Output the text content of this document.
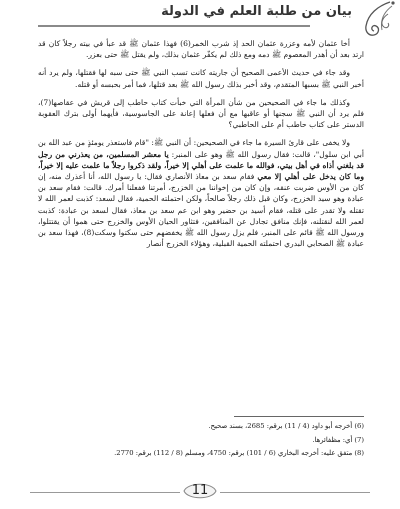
بيان من طلبة العلم في الدولة

أخا عثمان لأمه وعزرة عثمان الحد إذ شرب الخمر(6) فهذا عثمان ﷺ قد عبأ في بيته رجلاً كان قد ارتد بعد أن أهدر المعصوم ﷺ دمه ومع ذلك لم يكفّر عثمان بذلك، ولم يقتل ﷺ حتى بعزر.

وقد جاء في حديث الأعمى الصحيح أن جاريته كانت تسب النبي ﷺ حتى سبه لها فقتلها، ولم يرد أنه أخبر النبي ﷺ بسبها المتقدم، وقد أخبر بذلك رسول الله ﷺ بعد قتلها، فما أمر بحبسه أو قتله.

وكذلك ما جاء في الصحيحين من شأن المرأة التي خبأت كتاب حاطب إلى قريش في عقاصها(7)، فلم يرد أن النبي ﷺ سجنها أو عاقبها مع أن فعلها إعانة على الجاسوسية، فأيهما أولى بترك العقوبة الدستر على كتاب حاطب أم على الحاطبي؟

ولا يخفى على قارئ السيرة ما جاء في الصحيحين: أن النبي ﷺ: "قام فاستعذر يومئذٍ من عبد الله بن أبي ابن سلول"، قالت: فقال رسول الله ﷺ وهو على المنبر: يا معشر المسلمين، من يعذرني من رجل قد بلغني أذاه في أهل بيتي، فوالله ما علمت على أهلي إلا خيراً، ولقد ذكروا رجلاً ما علمت عليه إلا خيراً، وما كان يدخل على أهلي إلا معي فقام سعد بن معاذ الأنصاري فقال: يا رسول الله، أنا أعذرك منه، إن كان من الأوس ضربت عنقه، وإن كان من إخواننا من الخزرج، أمرتنا ففعلنا أمرك. قالت: فقام سعد بن عبادة وهو سيد الخزرج، وكان قبل ذلك رجلاً صالحاً، ولكن احتملته الحمية، فقال لسعد: كذبت لعمر الله لا تقتله ولا تقدر على قتله، فقام أسيد بن حضير وهو ابن عم سعد بن معاذ، فقال لسعد بن عبادة: كذبت لعمر الله لنقتلنه، فإنك منافق تجادل عن المنافقين، فتثاور الحيان الأوس والخزرج حتى هموا أن يقتتلوا، ورسول الله ﷺ قائم على المنبر، فلم يزل رسول الله ﷺ يخفضهم حتى سكتوا وسكت(8)، فهذا سعد بن عبادة ﷺ الصحابي البدري احتملته الحمية القبلية، وهؤلاء الخزرج أنصار

(6) أخرجه أبو داود (4 / 11) برقم: 2685، بسند صحيح.
(7) أي: مظفائرها.
(8) متفق عليه: أخرجه البخاري (6 / 101) برقم: 4750، ومسلم (8 / 112) برقم: 2770.
11
